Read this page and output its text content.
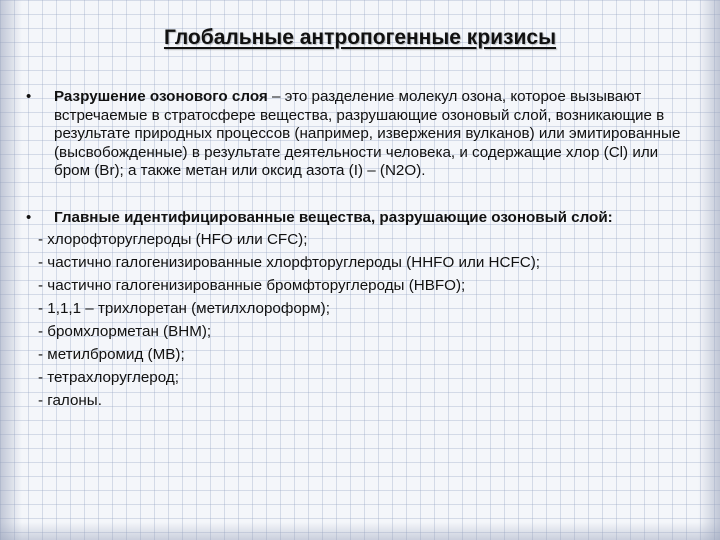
Глобальные антропогенные кризисы
• Разрушение озонового слоя – это разделение молекул озона, которое вызывают встречаемые в стратосфере вещества, разрушающие озоновый слой, возникающие в результате природных процессов (например, извержения вулканов) или эмитированные (высвобожденные) в результате деятельности человека, и содержащие хлор (Cl) или бром (Br); а также метан или оксид азота (I) – (N2O).
• Главные идентифицированные вещества, разрушающие озоновый слой:
- хлорофторуглероды (HFO или CFC);
- частично галогенизированные хлорфторуглероды (HHFO или HCFC);
- частично галогенизированные бромфторуглероды (HBFO);
- 1,1,1 – трихлоретан (метилхлороформ);
- бромхлорметан (BHM);
- метилбромид (MB);
- тетрахлоруглерод;
- галоны.
